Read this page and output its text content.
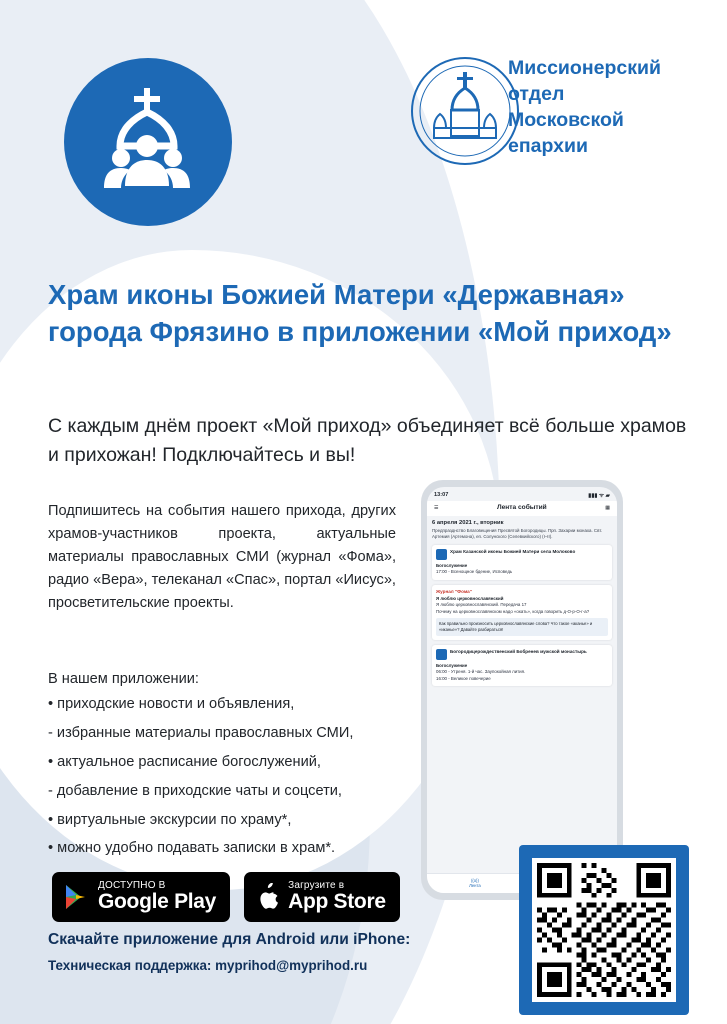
Миссионерский
отдел
Московской
епархии
Храм иконы Божией Матери «Державная» города Фрязино в приложении «Мой приход»

С каждым днём проект «Мой приход» объединяет всё больше храмов и прихожан! Подключайтесь и вы!

Подпишитесь на события нашего прихода, других храмов-участников проекта, актуальные материалы православных СМИ (журнал «Фома», радио «Вера», телеканал «Спас», портал «Иисус», просветительские проекты.

В нашем приложении:
• приходские новости и объявления,
- избранные материалы православных СМИ,
• актуальное расписание богослужений,
- добавление в приходские чаты и соцсети,
• виртуальные экскурсии по храму*,
• можно удобно подавать записки в храм*.
ДОСТУПНО В
Google Play
Загрузите в
App Store
Скачайте приложение для Android или iPhone:
Техническая поддержка: myprihod@myprihod.ru
13:07	▮▮▮ ᯤ ▰
☰	Лента событий	▦
6 апреля 2021 г., вторник
Предпразднство Благовещения Пресвятой Богородицы. Прп. Захарии монаха. Свт. Артемия (Артемона), еп. Солунского (Селевкийского) (I–II).
Храм Казанской иконы Божией Матери села Молоково
Богослужение
17:00 - Всенощное бдение, Исповедь
Журнал "Фома"
Я люблю церковнославянский
Я люблю церковнославянский. Передача 17
Почему на церковнославянском надо «окать», когда говорить д-О-р-О-г-а?
Как правильно произносить церковнославянские слова? Что такое «аканье» и «иканье»? Давайте разбираться!
Богородицерождественский Бобренев мужской монастырь
Богослужение
06:00 - Утреня. 1-й час. Заупокойная лития.
16:00 - Великое повечерие
((o))
Лента
